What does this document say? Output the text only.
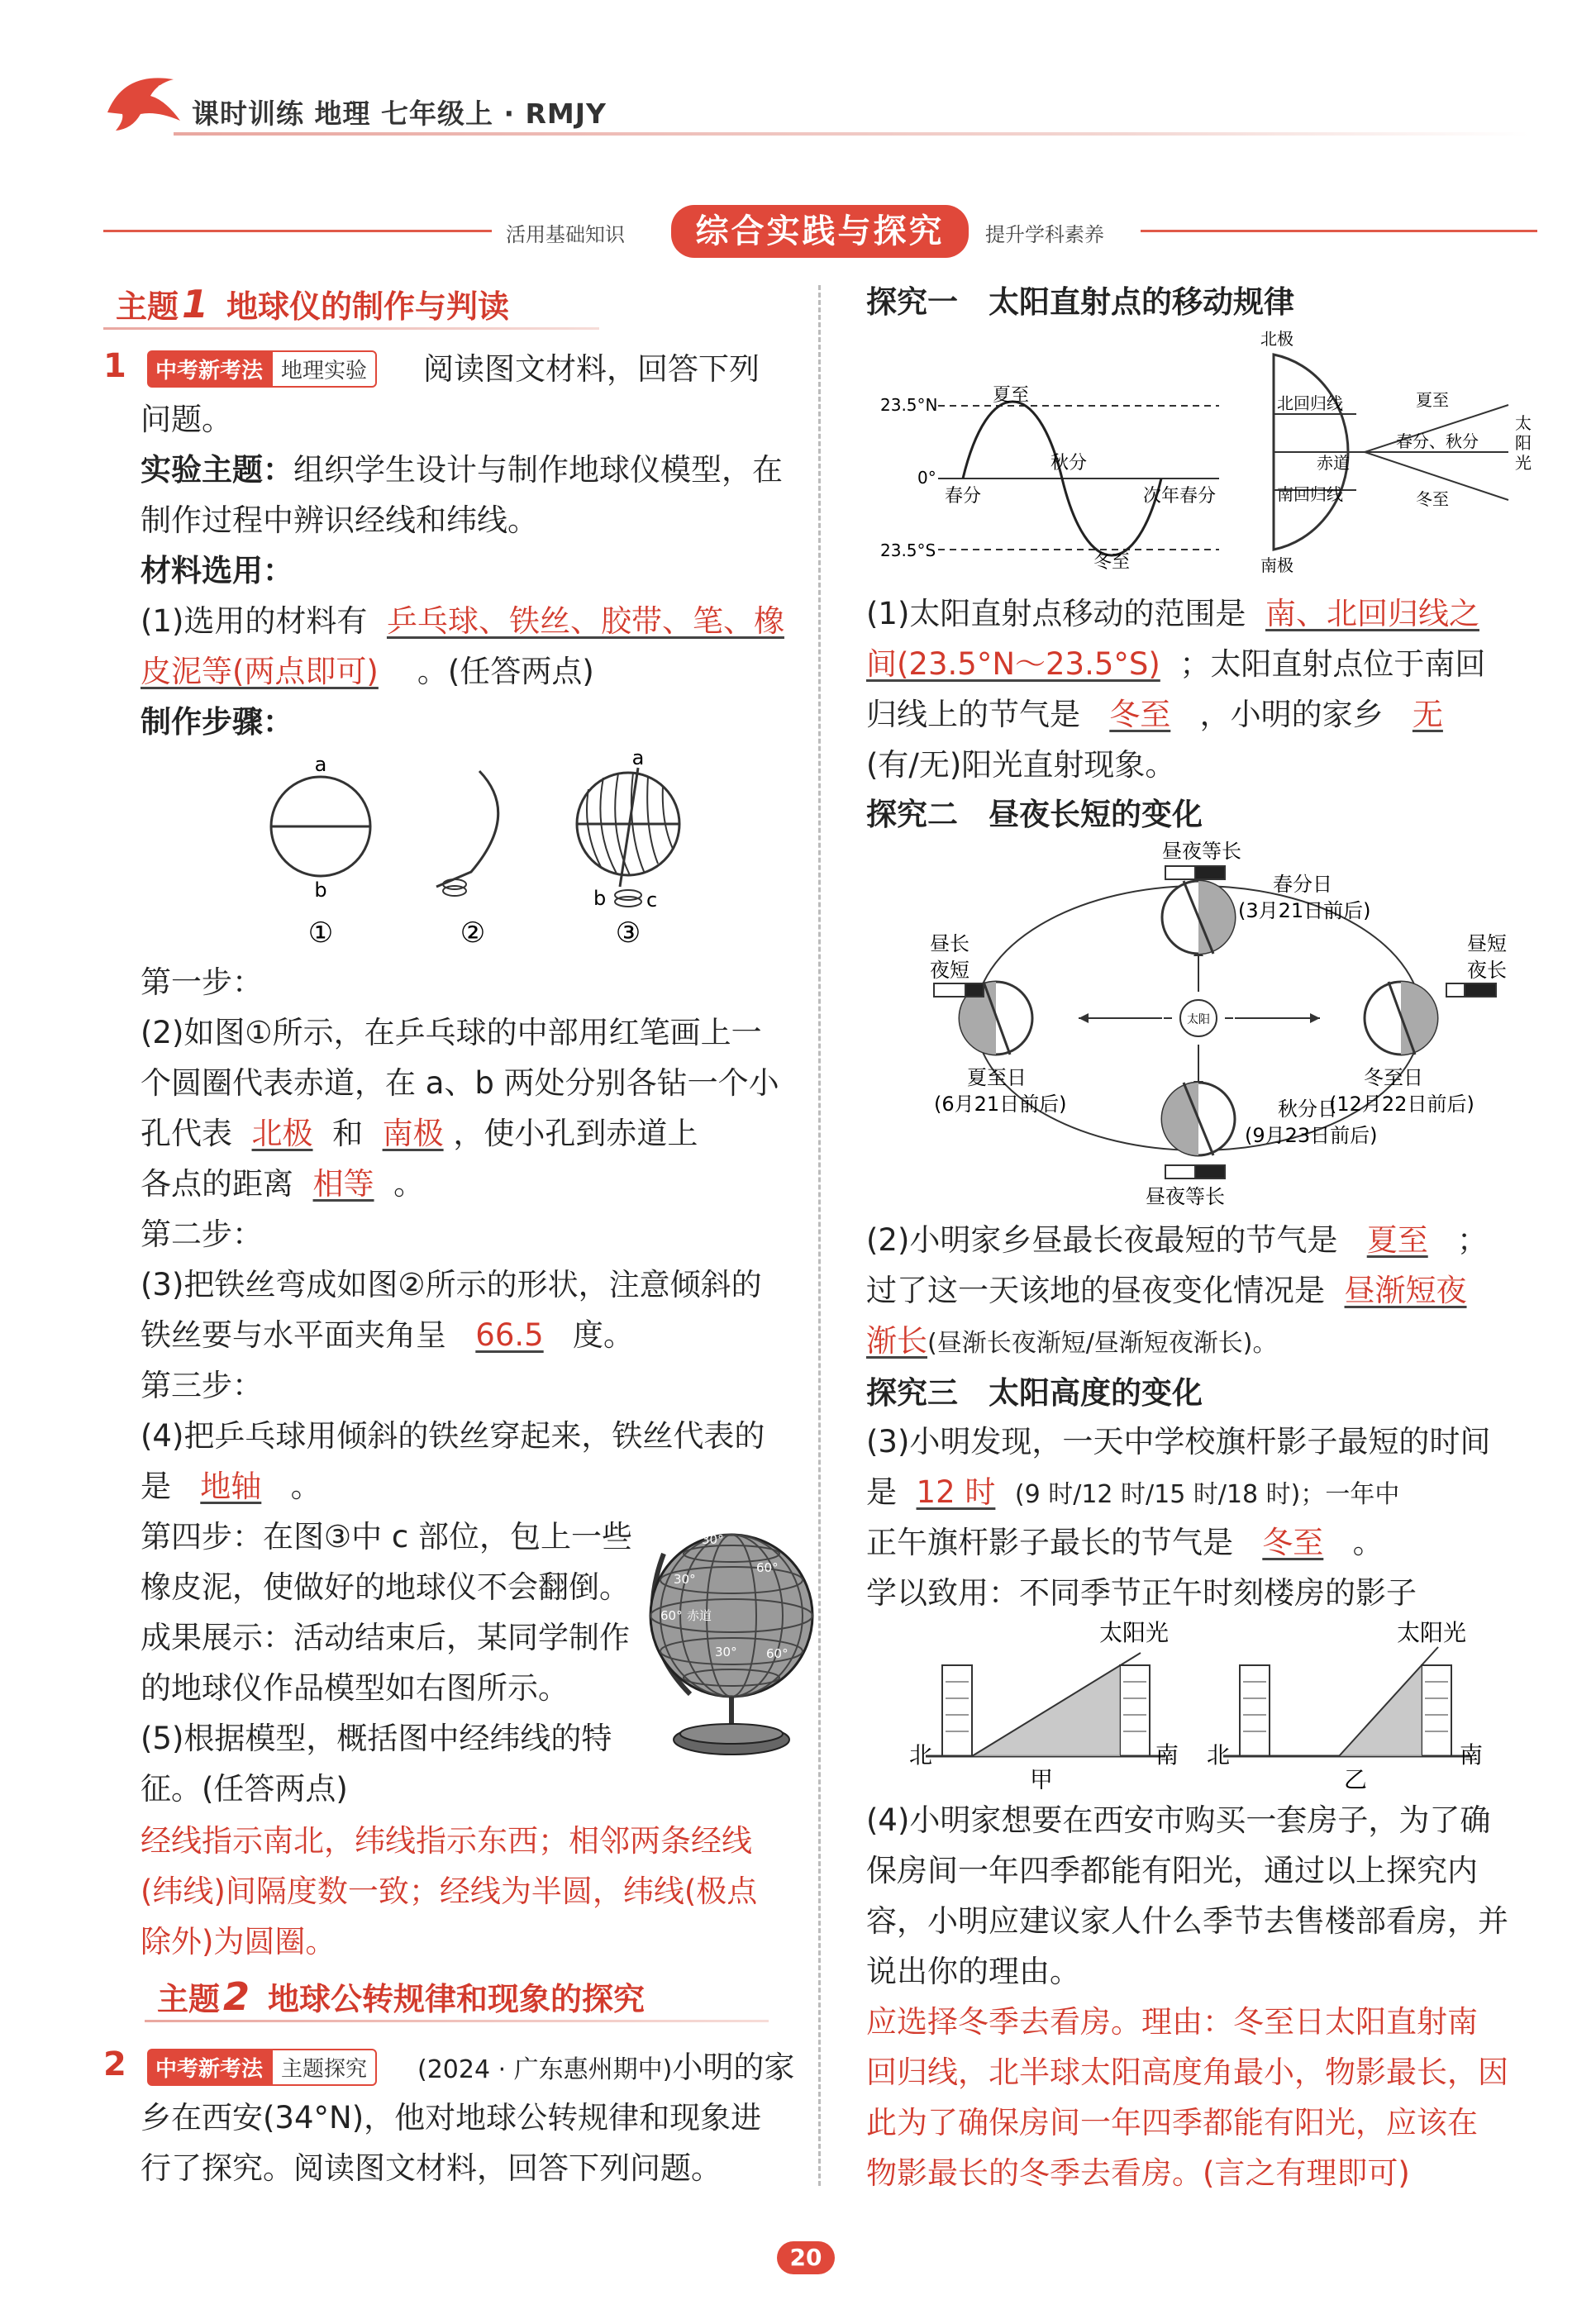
课时训练 地理 七年级上 · RMJY
活用基础知识	综合实践与探究	提升学科素养
主题1 地球仪的制作与判读
1	中考新考法 地理实验	阅读图文材料，回答下列
问题。
实验主题：组织学生设计与制作地球仪模型，在
制作过程中辨识经线和纬线。
材料选用：
(1)选用的材料有 乒乓球、铁丝、胶带、笔、橡
皮泥等(两点即可) 。(任答两点)
制作步骤：
a
b
①	②
a
b c
③
第一步：
(2)如图①所示，在乒乓球的中部用红笔画上一
个圆圈代表赤道，在 a、b 两处分别各钻一个小
孔代表 北极 和 南极 ，使小孔到赤道上
各点的距离 相等 。
第二步：
(3)把铁丝弯成如图②所示的形状，注意倾斜的
铁丝要与水平面夹角呈 66.5 度。
第三步：
(4)把乒乓球用倾斜的铁丝穿起来，铁丝代表的
是 地轴 。
第四步：在图③中 c 部位，包上一些
橡皮泥，使做好的地球仪不会翻倒。
成果展示：活动结束后，某同学制作
的地球仪作品模型如右图所示。
(5)根据模型，概括图中经纬线的特
征。(任答两点)
30°
30°
60°
60°
赤道
30° 60°
经线指示南北，纬线指示东西；相邻两条经线
(纬线)间隔度数一致；经线为半圆，纬线(极点
除外)为圆圈。
主题2 地球公转规律和现象的探究
2	中考新考法 主题探究	(2024 · 广东惠州期中)小明的家
乡在西安(34°N)，他对地球公转规律和现象进
行了探究。阅读图文材料，回答下列问题。
探究一　太阳直射点的移动规律
23.5°N
0°
23.5°S
夏至
春分
秋分
次年春分
冬至
北极
南极
北回归线
赤道
南回归线
夏至
春分、秋分
冬至
太
阳
光
(1)太阳直射点移动的范围是 南、北回归线之
间(23.5°N～23.5°S) ；太阳直射点位于南回
归线上的节气是 冬至 ，小明的家乡 无
(有/无)阳光直射现象。
探究二　昼夜长短的变化
太阳
昼夜等长
春分日
(3月21日前后)
昼长
夜短
昼短
夜长
夏至日
(6月21日前后)
冬至日
(12月22日前后)
秋分日
(9月23日前后)
昼夜等长
(2)小明家乡昼最长夜最短的节气是 夏至 ；
过了这一天该地的昼夜变化情况是 昼渐短夜
渐长(昼渐长夜渐短/昼渐短夜渐长)。
探究三　太阳高度的变化
(3)小明发现，一天中学校旗杆影子最短的时间
是 12 时 (9 时/12 时/15 时/18 时)；一年中
正午旗杆影子最长的节气是 冬至 。
学以致用：不同季节正午时刻楼房的影子
太阳光	太阳光
北	南 北	南
甲	乙
(4)小明家想要在西安市购买一套房子，为了确
保房间一年四季都能有阳光，通过以上探究内
容，小明应建议家人什么季节去售楼部看房，并
说出你的理由。
应选择冬季去看房。理由：冬至日太阳直射南
回归线，北半球太阳高度角最小，物影最长，因
此为了确保房间一年四季都能有阳光，应该在
物影最长的冬季去看房。(言之有理即可)
20
